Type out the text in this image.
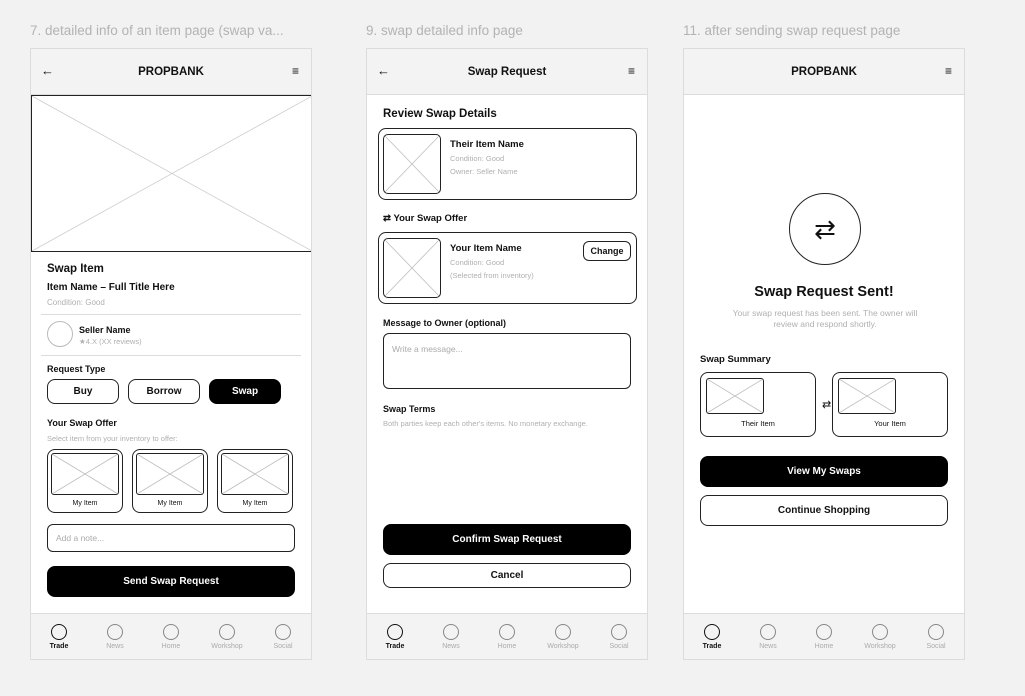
7. detailed info of an item page (swap va...	9. swap detailed info page	11. after sending swap request page
←	PROPBANK	≡
Swap Item
Item Name – Full Title Here
Condition: Good
Seller Name
★4.X (XX reviews)
Request Type
Buy	Borrow	Swap
Your Swap Offer
Select item from your inventory to offer:
My Item	My Item	My Item
Add a note...
Send Swap Request
Trade	News	Home	Workshop	Social
←	Swap Request	≡
Review Swap Details
Their Item Name
Condition: Good
Owner: Seller Name
⇄ Your Swap Offer
Your Item Name
Condition: Good
(Selected from inventory)
Change
Message to Owner (optional)
Write a message...
Swap Terms
Both parties keep each other's items. No monetary exchange.
Confirm Swap Request
Cancel
Trade	News	Home	Workshop	Social
PROPBANK	≡
⇄
Swap Request Sent!
Your swap request has been sent. The owner will review and respond shortly.
Swap Summary
Their Item
⇄
Your Item
View My Swaps
Continue Shopping
Trade	News	Home	Workshop	Social
